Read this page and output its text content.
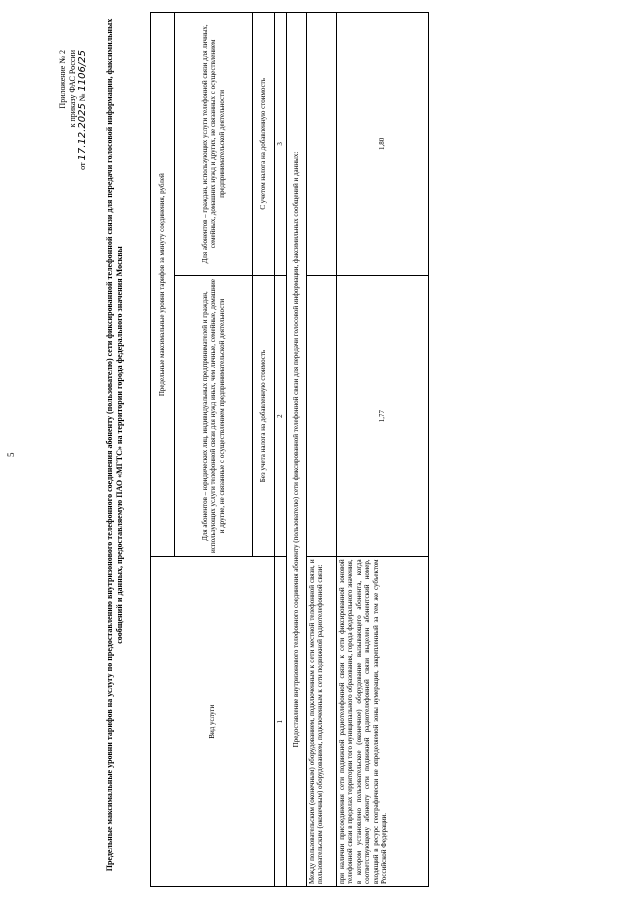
5
Приложение № 2 к приказу ФАС России
от 17.12.2025 № 1106/25 Предельные максимальные уровни тарифов на услугу по предоставлению внутризонового телефонного соединения абоненту (пользователю) сети фиксированной телефонной связи для передачи голосовой информации, факсимильных сообщений и данных, предоставляемую ПАО «МГТС» на территории города федерального значения Москвы
Вид услуги	Предельные максимальные уровни тарифов за минуту соединения, рублей	
	Для абонентов – юридических лиц, индивидуальных предпринимателей и граждан, использующих услуги телефонной связи для нужд иных, чем личные, семейные, домашние и другие, не связанные с осуществлением предпринимательской деятельности	Для абонентов – граждан, использующих услуги телефонной связи для личных, семейных, домашних нужд и других, не связанных с осуществлением предпринимательской деятельности
	Без учета налога на добавленную стоимость	С учетом налога на добавленную стоимость
1	2	3
Предоставление внутризонового телефонного соединения абоненту (пользователю) сети фиксированной телефонной связи для передачи голосовой информации, факсимильных сообщений и данных:		
Между пользовательским (оконечным) оборудованием, подключенным к сети местной телефонной связи, и пользовательским (оконечным) оборудованием, подключенным к сети подвижной радиотелефонной связи:		
при наличии присоединения сети подвижной радиотелефонной связи к сети фиксированной зоновой телефонной связи в пределах территории того муниципального образования, города федерального значения, в котором установлено пользовательское (оконечное) оборудование вызывающего абонента, когда соответствующему абоненту сети подвижной радиотелефонной связи выделен абонентский номер, входящий в ресурс географически не определяемой зоны нумерации, закрепленный за тем же субъектом Российской Федерации.	1,77	1,80
